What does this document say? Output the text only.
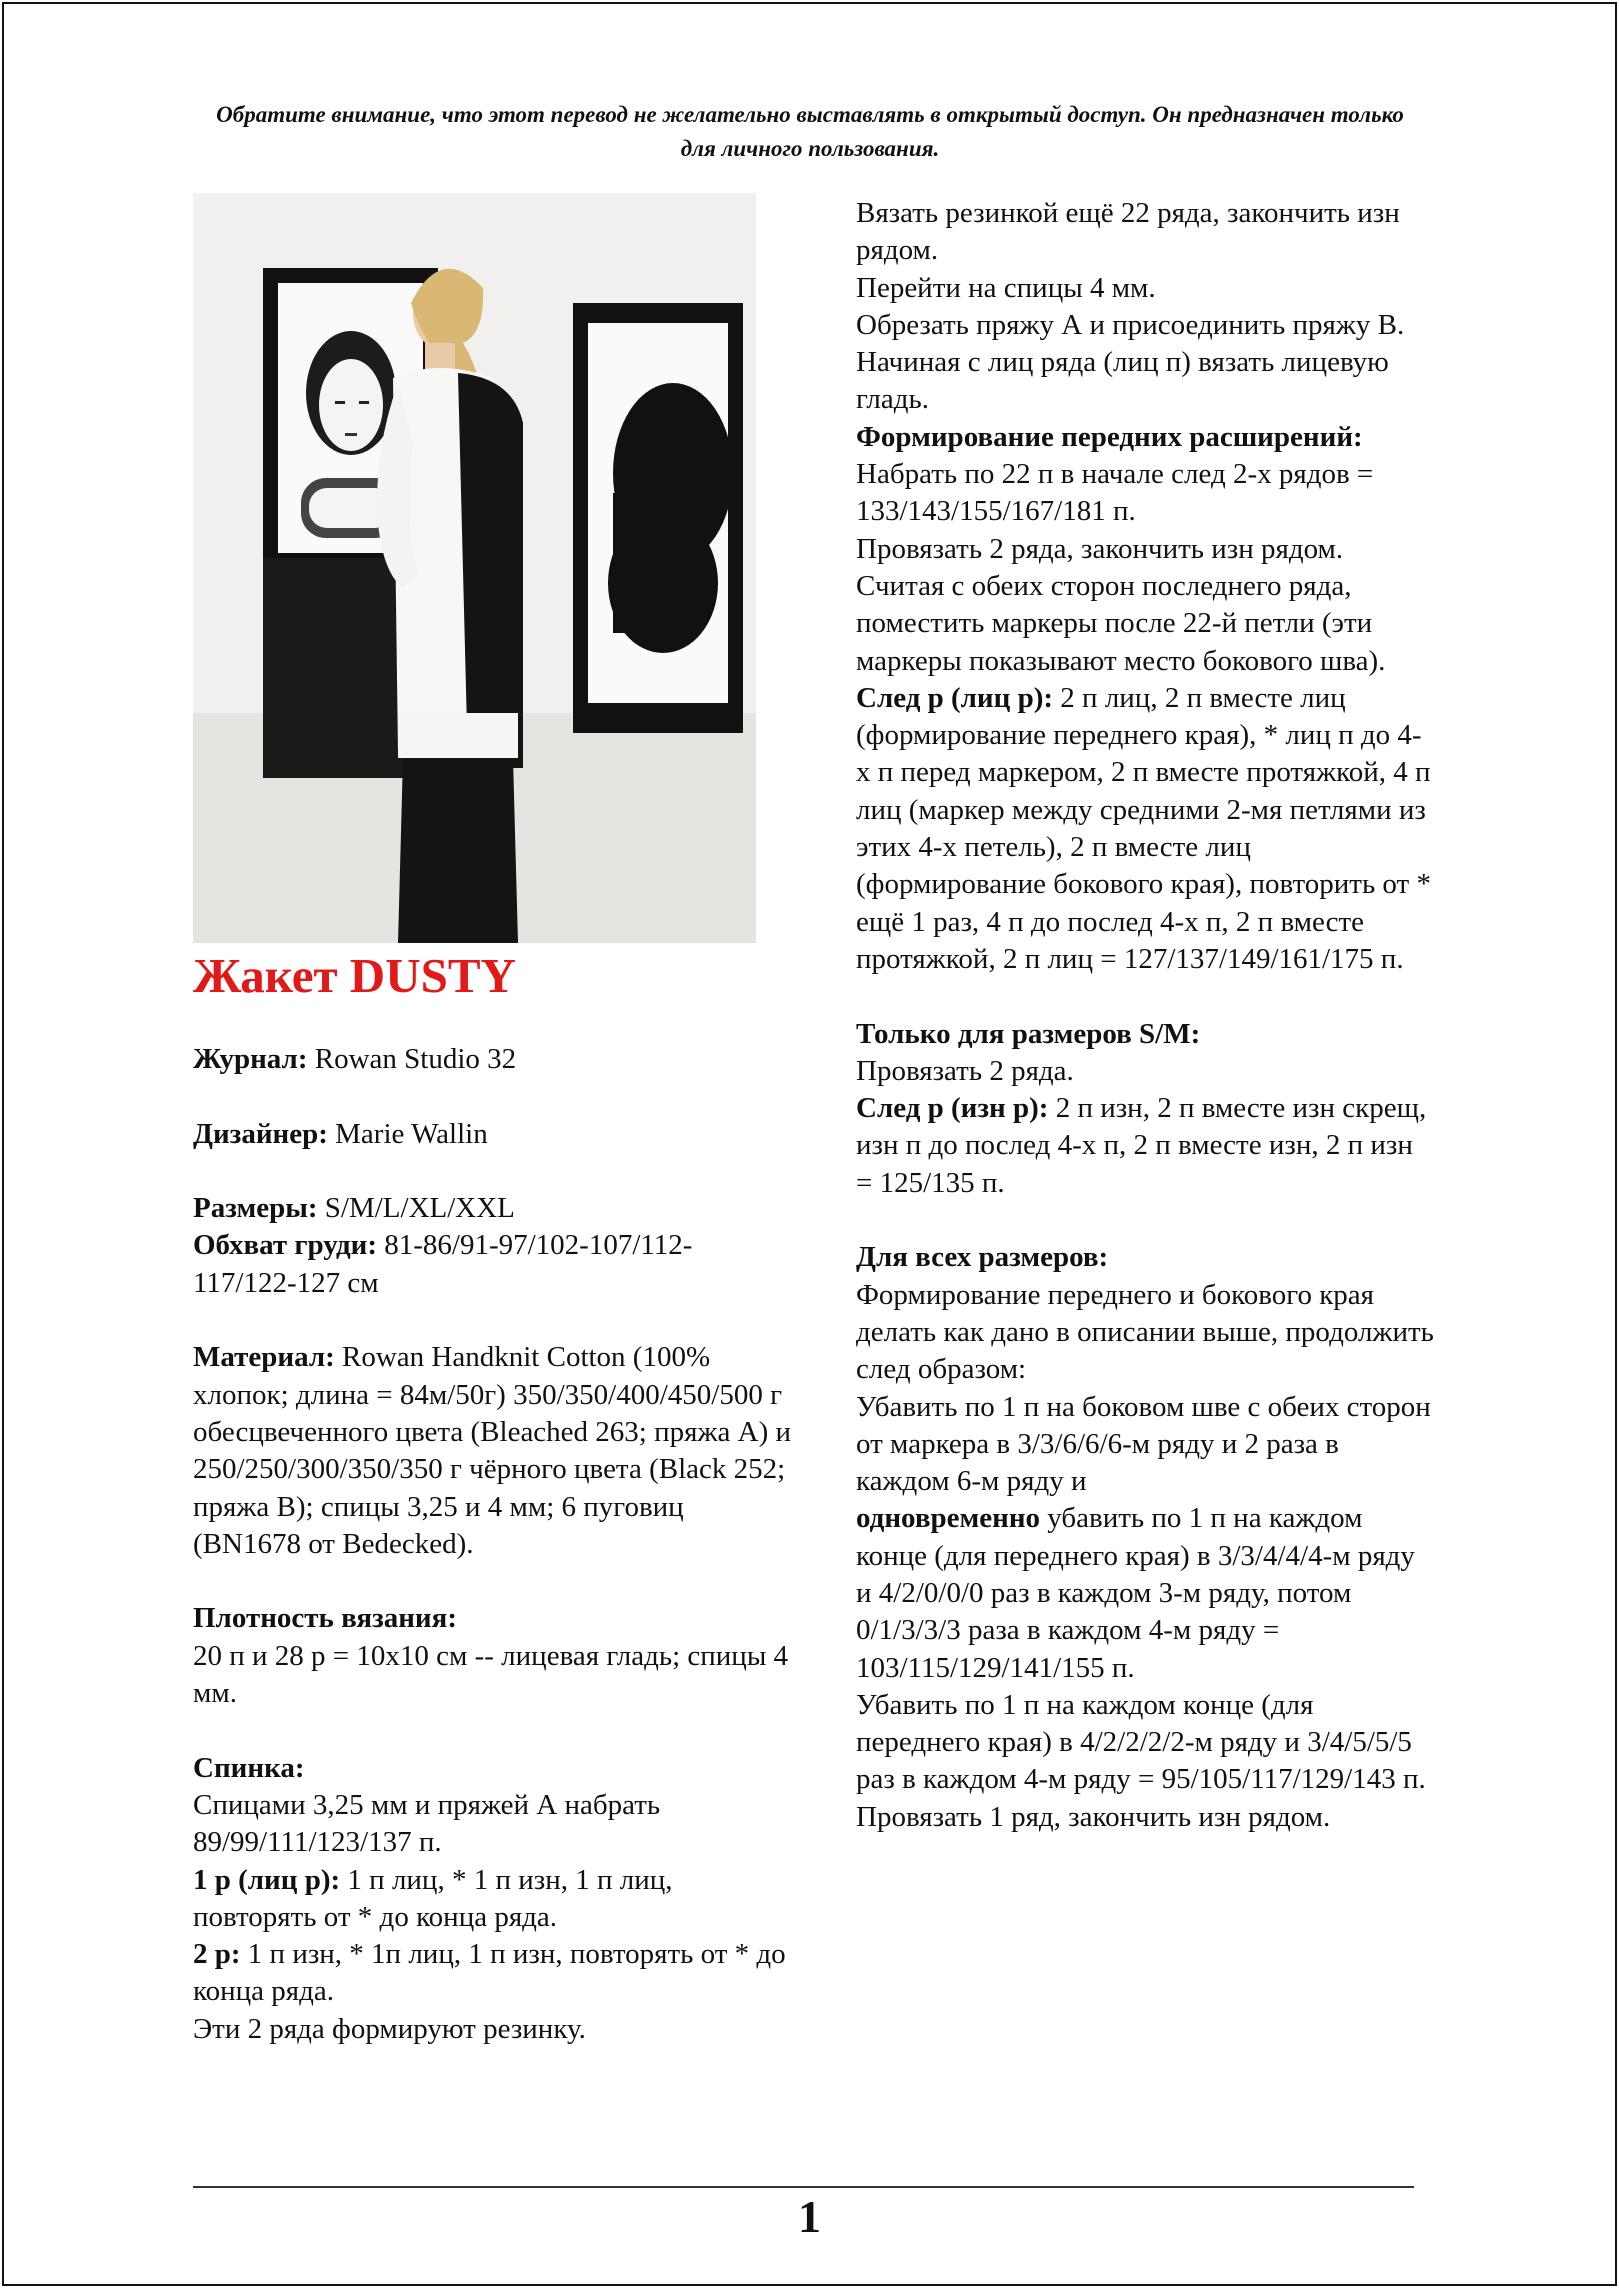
Обратите внимание, что этот перевод не желательно выставлять в открытый доступ. Он предназначен только для личного пользования.
Жакет DUSTY

Журнал: Rowan Studio 32

Дизайнер: Marie Wallin

Размеры: S/M/L/XL/XXL

Обхват груди: 81-86/91-97/102-107/112-117/122-127 см

Материал: Rowan Handknit Cotton (100% хлопок; длина = 84м/50г) 350/350/400/450/500 г обесцвеченного цвета (Bleached 263; пряжа A) и 250/250/300/350/350 г чёрного цвета (Black 252; пряжа B); спицы 3,25 и 4 мм; 6 пуговиц (BN1678 от Bedecked).

Плотность вязания:

20 п и 28 р = 10х10 см -- лицевая гладь; спицы 4 мм.

Спинка:

Спицами 3,25 мм и пряжей А набрать 89/99/111/123/137 п.

1 р (лиц р): 1 п лиц, * 1 п изн, 1 п лиц, повторять от * до конца ряда.

2 р: 1 п изн, * 1п лиц, 1 п изн, повторять от * до конца ряда.

Эти 2 ряда формируют резинку.

Вязать резинкой ещё 22 ряда, закончить изн рядом.

Перейти на спицы 4 мм.

Обрезать пряжу А и присоединить пряжу В.

Начиная с лиц ряда (лиц п) вязать лицевую гладь.

Формирование передних расширений:

Набрать по 22 п в начале след 2-х рядов = 133/143/155/167/181 п.

Провязать 2 ряда, закончить изн рядом.

Считая с обеих сторон последнего ряда, поместить маркеры после 22-й петли (эти маркеры показывают место бокового шва).

След р (лиц р): 2 п лиц, 2 п вместе лиц (формирование переднего края), * лиц п до 4-х п перед маркером, 2 п вместе протяжкой, 4 п лиц (маркер между средними 2-мя петлями из этих 4-х петель), 2 п вместе лиц (формирование бокового края), повторить от * ещё 1 раз, 4 п до послед 4-х п, 2 п вместе протяжкой, 2 п лиц = 127/137/149/161/175 п.

Только для размеров S/M:

Провязать 2 ряда.

След р (изн р): 2 п изн, 2 п вместе изн скрещ, изн п до послед 4-х п, 2 п вместе изн, 2 п изн = 125/135 п.

Для всех размеров:

Формирование переднего и бокового края делать как дано в описании выше, продолжить след образом:

Убавить по 1 п на боковом шве с обеих сторон от маркера в 3/3/6/6/6-м ряду и 2 раза в каждом 6-м ряду и

одновременно убавить по 1 п на каждом конце (для переднего края) в 3/3/4/4/4-м ряду и 4/2/0/0/0 раз в каждом 3-м ряду, потом 0/1/3/3/3 раза в каждом 4-м ряду = 103/115/129/141/155 п.

Убавить по 1 п на каждом конце (для переднего края) в 4/2/2/2/2-м ряду и 3/4/5/5/5 раз в каждом 4-м ряду = 95/105/117/129/143 п.

Провязать 1 ряд, закончить изн рядом.

1
